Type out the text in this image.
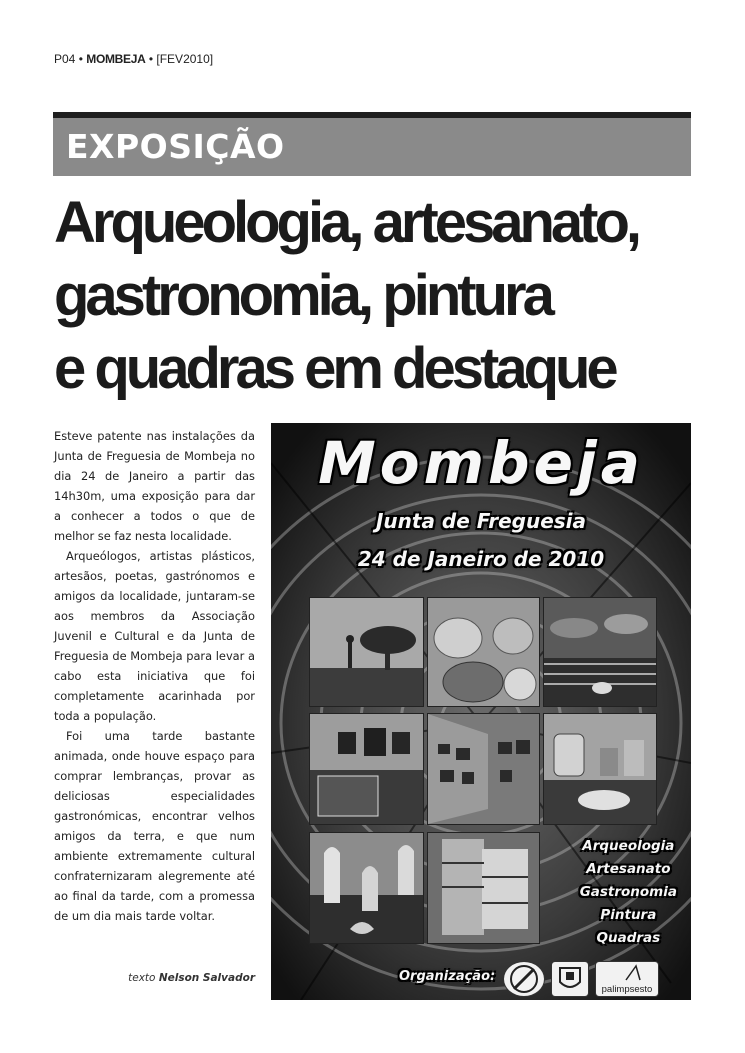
P04 • MOMBEJA • [FEV2010]
EXPOSIÇÃO
Arqueologia, artesanato,
gastronomia, pintura
e quadras em destaque

Esteve patente nas instalações da Junta de Freguesia de Mombeja no dia 24 de Janeiro a partir das 14h30m, uma exposição para dar a conhecer a todos o que de melhor se faz nesta localidade.

Arqueólogos, artistas plásticos, artesãos, poetas, gastrónomos e amigos da localidade, juntaram-se aos membros da Associação Juvenil e Cultural e da Junta de Freguesia de Mombeja para levar a cabo esta iniciativa que foi completamente acarinhada por toda a população.

Foi uma tarde bastante animada, onde houve espaço para comprar lembranças, provar as deliciosas especialidades gastronómicas, encontrar velhos amigos da terra, e que num ambiente extremamente cultural confraternizaram alegremente até ao final da tarde, com a promessa de um dia mais tarde voltar.

texto Nelson Salvador
Mombeja
Junta de Freguesia
24 de Janeiro de 2010
Arqueologia
Artesanato
Gastronomia
Pintura
Quadras
Organização:
palimpsesto
